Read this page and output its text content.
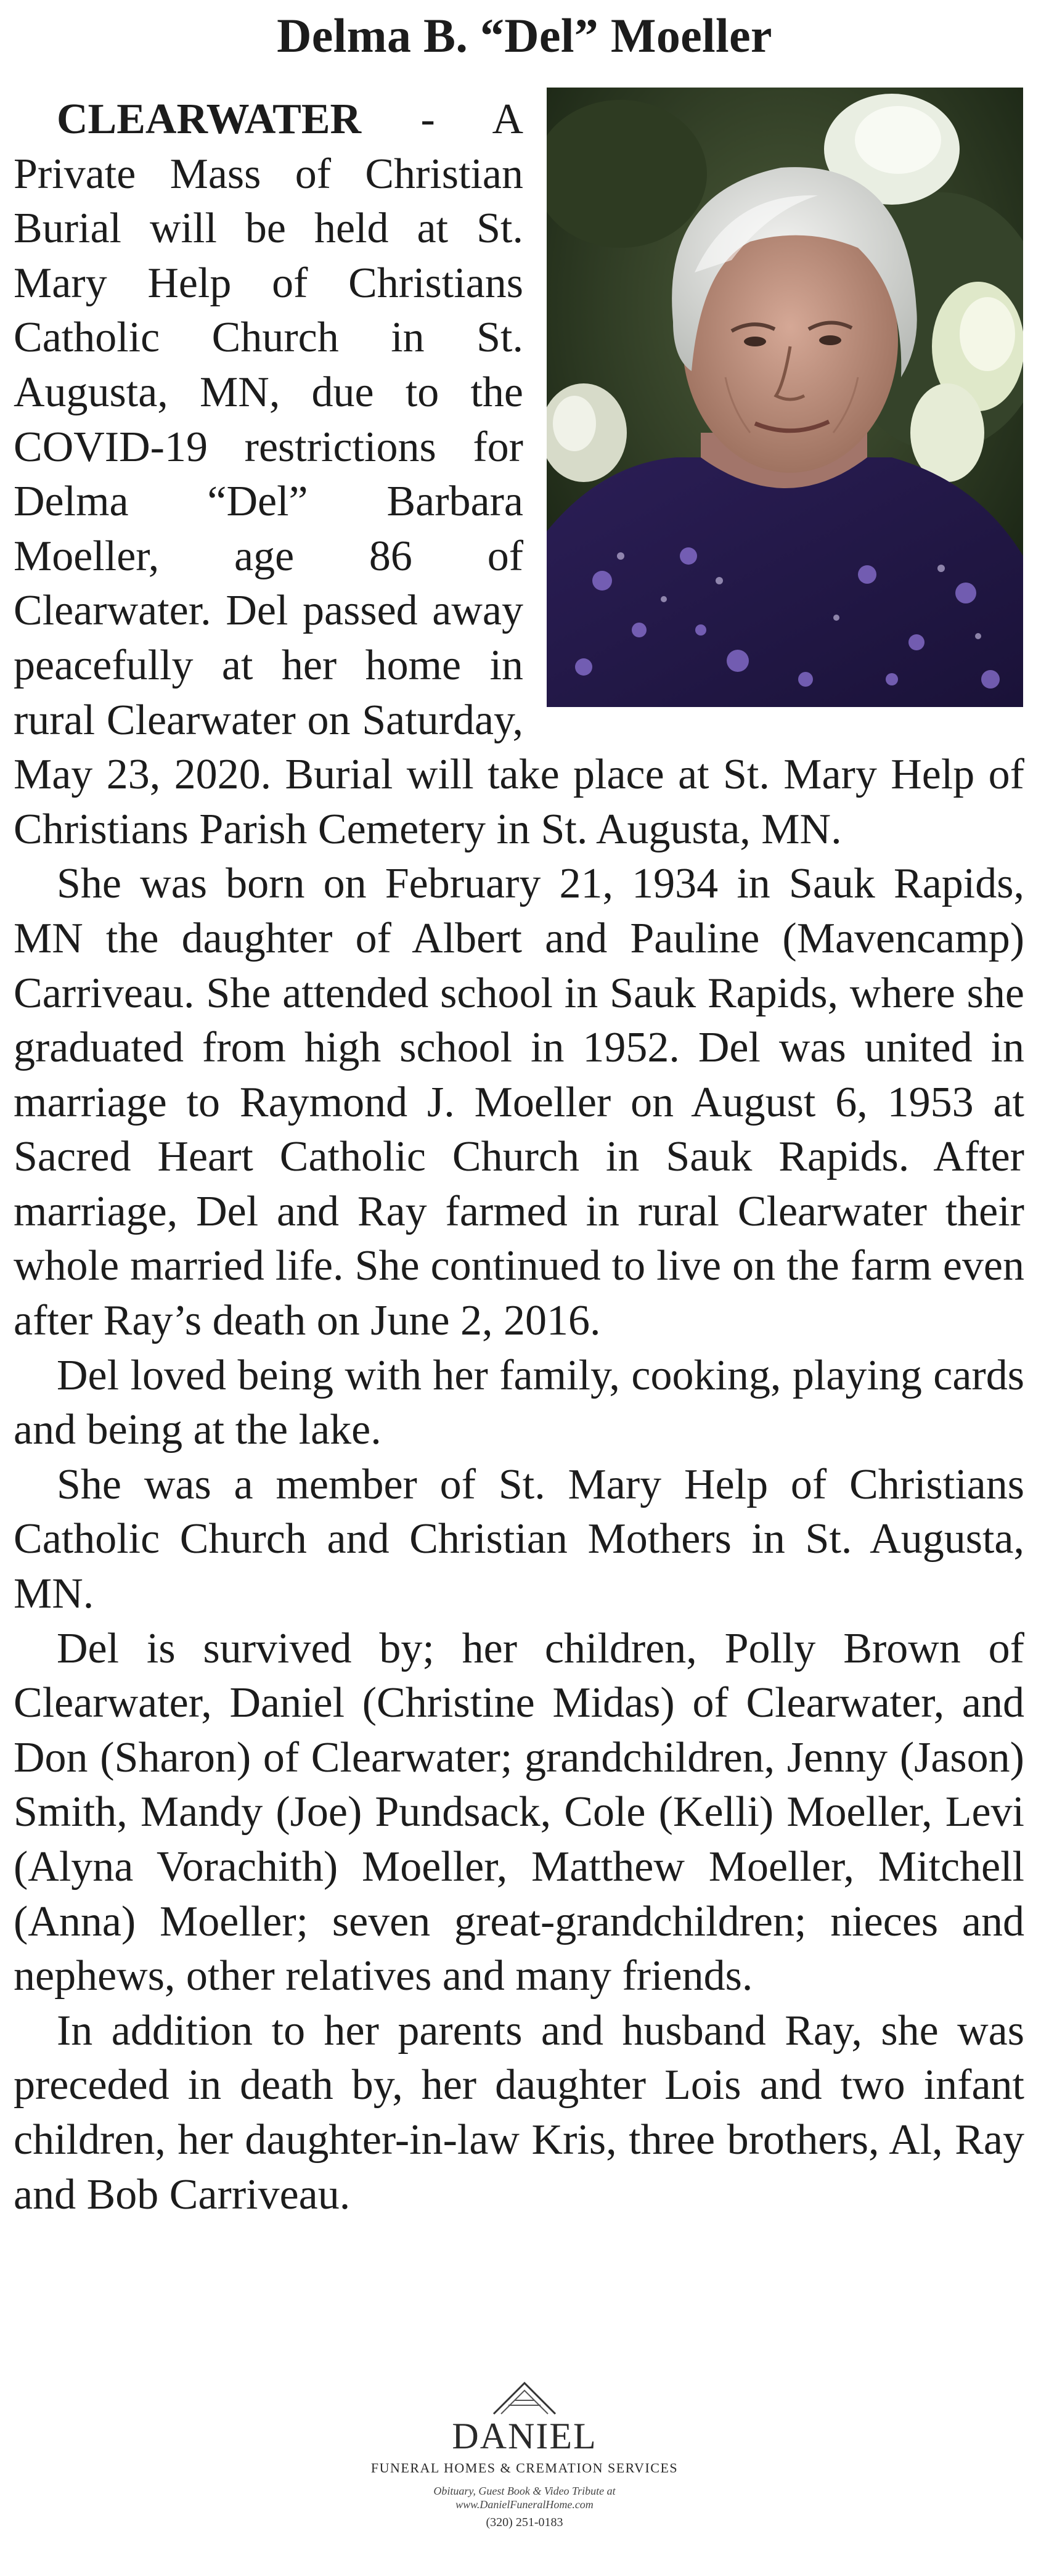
Delma B. “Del” Moeller

CLEARWATER - A Private Mass of Christian Burial will be held at St. Mary Help of Christians Catholic Church in St. Augusta, MN, due to the COVID-19 restrictions for Delma “Del” Barbara Moeller, age 86 of Clearwater. Del passed away peacefully at her home in rural Clearwater on Saturday, May 23, 2020. Burial will take place at St. Mary Help of Christians Parish Cemetery in St. Augusta, MN.

She was born on February 21, 1934 in Sauk Rapids, MN the daughter of Albert and Pauline (Mavencamp) Carriveau. She attended school in Sauk Rapids, where she graduated from high school in 1952. Del was united in marriage to Raymond J. Moeller on August 6, 1953 at Sacred Heart Catholic Church in Sauk Rapids. After marriage, Del and Ray farmed in rural Clearwater their whole married life. She continued to live on the farm even after Ray’s death on June 2, 2016.

Del loved being with her family, cooking, playing cards and being at the lake.

She was a member of St. Mary Help of Christians Catholic Church and Christian Mothers in St. Augusta, MN.

Del is survived by; her children, Polly Brown of Clearwater, Daniel (Christine Midas) of Clearwater, and Don (Sharon) of Clearwater; grandchildren, Jenny (Jason) Smith, Mandy (Joe) Pundsack, Cole (Kelli) Moeller, Levi (Alyna Vorachith) Moeller, Matthew Moeller, Mitchell (Anna) Moeller; seven great-grandchildren; nieces and nephews, other relatives and many friends.

In addition to her parents and husband Ray, she was preceded in death by, her daughter Lois and two infant children, her daughter-in-law Kris, three brothers, Al, Ray and Bob Carriveau.

DANIEL
FUNERAL HOMES & CREMATION SERVICES
Obituary, Guest Book & Video Tribute at
www.DanielFuneralHome.com
(320) 251-0183
